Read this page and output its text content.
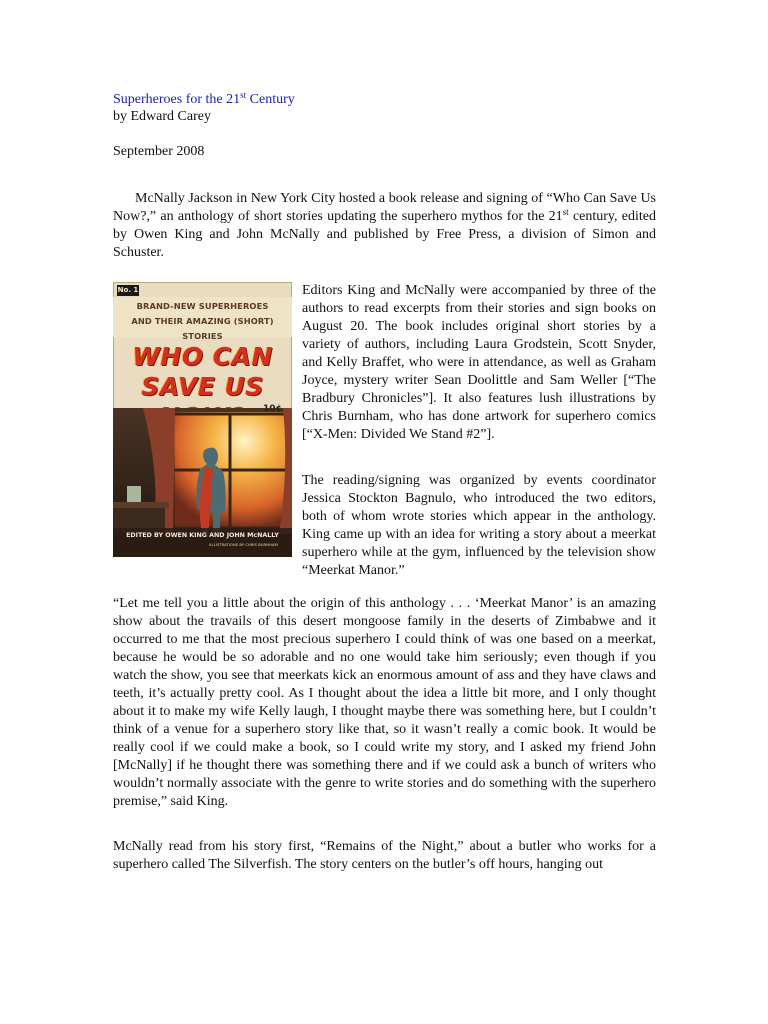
Superheroes for the 21st Century
by Edward Carey
September 2008
McNally Jackson in New York City hosted a book release and signing of “Who Can Save Us Now?,” an anthology of short stories updating the superhero mythos for the 21st century, edited by Owen King and John McNally and published by Free Press, a division of Simon and Schuster.
No. 1
BRAND-NEW SUPERHEROES
AND THEIR AMAZING (SHORT) STORIES
WHO CAN
SAVE US
10¢
EDITED BY OWEN KING AND JOHN McNALLY
ILLUSTRATIONS BY CHRIS BURNHAM
Editors King and McNally were accompanied by three of the authors to read excerpts from their stories and sign books on August 20. The book includes original short stories by a variety of authors, including Laura Grodstein, Scott Snyder, and Kelly Braffet, who were in attendance, as well as Graham Joyce, mystery writer Sean Doolittle and Sam Weller [“The Bradbury Chronicles”]. It also features lush illustrations by Chris Burnham, who has done artwork for superhero comics [“X-Men: Divided We Stand #2”].
The reading/signing was organized by events coordinator Jessica Stockton Bagnulo, who introduced the two editors, both of whom wrote stories which appear in the anthology. King came up with an idea for writing a story about a meerkat superhero while at the gym, influenced by the television show “Meerkat Manor.”
“Let me tell you a little about the origin of this anthology . . . ‘Meerkat Manor’ is an amazing show about the travails of this desert mongoose family in the deserts of Zimbabwe and it occurred to me that the most precious superhero I could think of was one based on a meerkat, because he would be so adorable and no one would take him seriously; even though if you watch the show, you see that meerkats kick an enormous amount of ass and they have claws and teeth, it’s actually pretty cool. As I thought about the idea a little bit more, and I only thought about it to make my wife Kelly laugh, I thought maybe there was something here, but I couldn’t think of a venue for a superhero story like that, so it wasn’t really a comic book. It would be really cool if we could make a book, so I could write my story, and I asked my friend John [McNally] if he thought there was something there and if we could ask a bunch of writers who wouldn’t normally associate with the genre to write stories and do something with the superhero premise,” said King.
McNally read from his story first, “Remains of the Night,” about a butler who works for a superhero called The Silverfish. The story centers on the butler’s off hours, hanging out
